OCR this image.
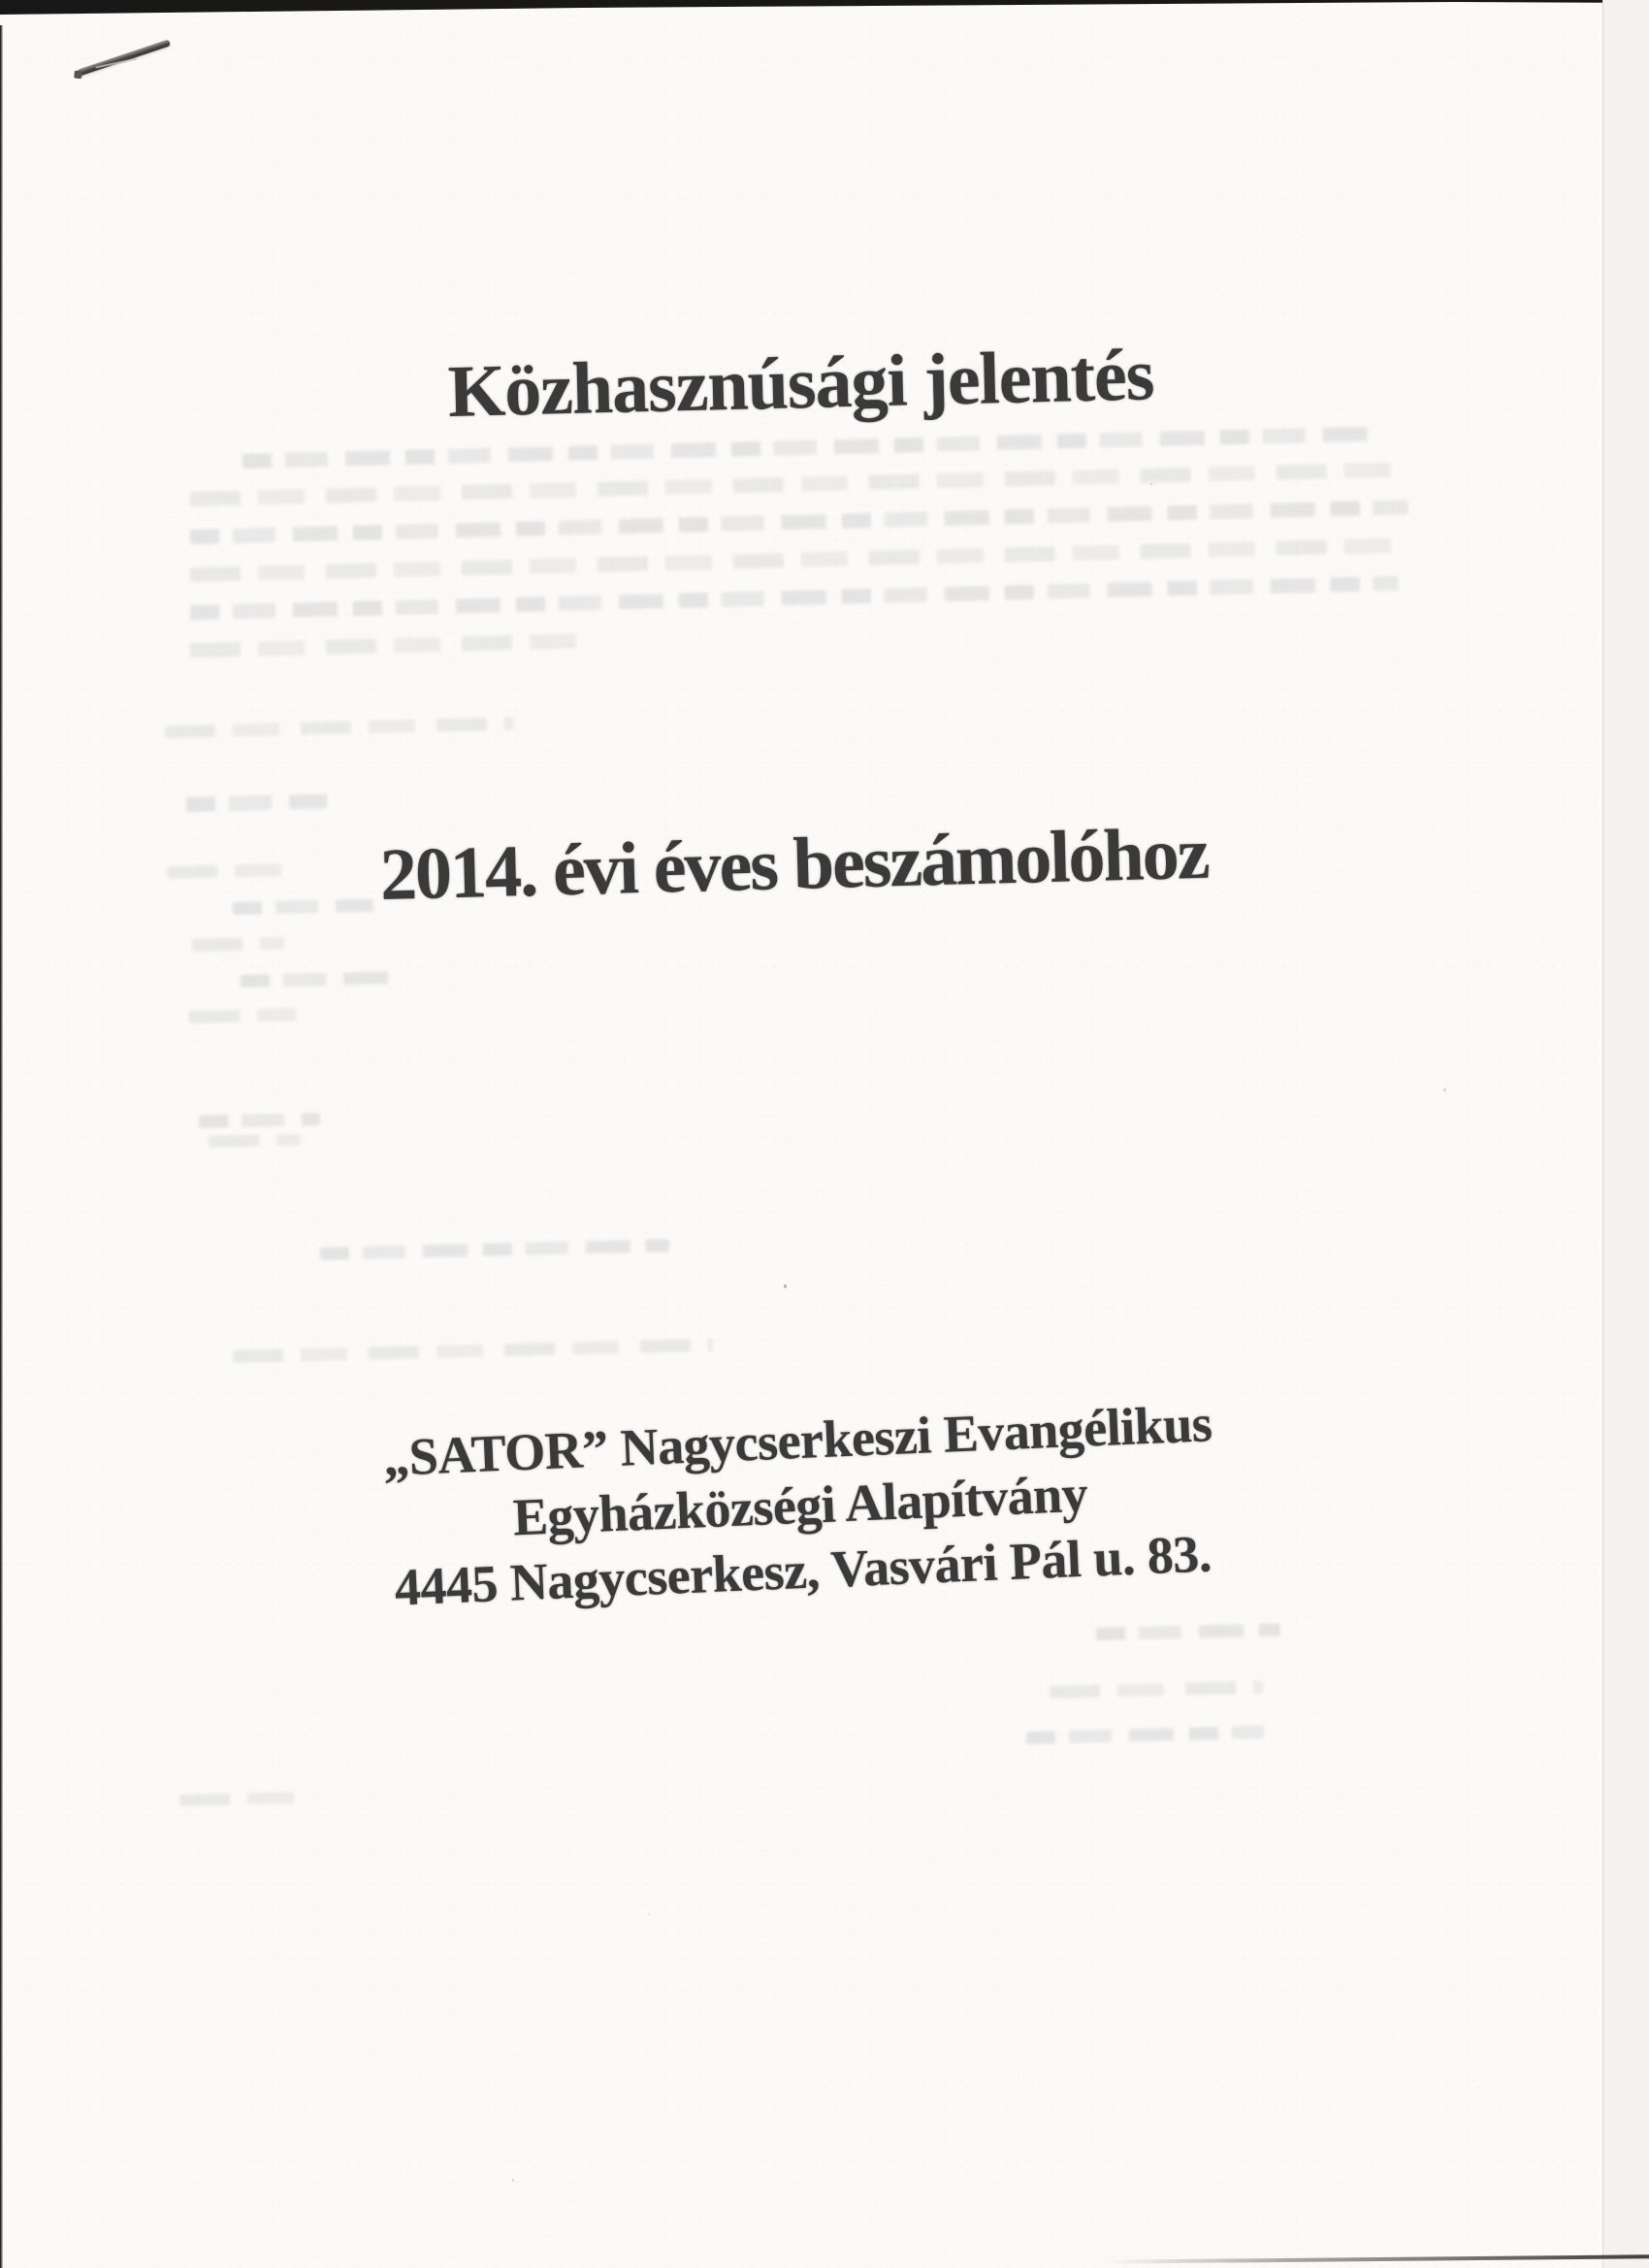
Közhasznúsági jelentés
2014. évi éves beszámolóhoz
„SATOR” Nagycserkeszi Evangélikus
Egyházközségi Alapítvány
4445 Nagycserkesz, Vasvári Pál u. 83.
